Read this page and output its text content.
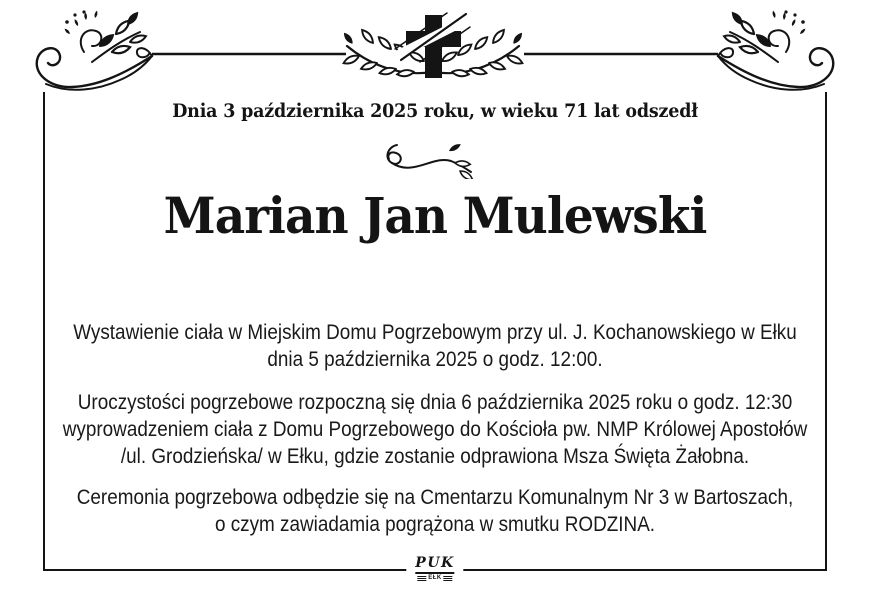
Dnia 3 października 2025 roku, w wieku 71 lat odszedł
Marian Jan Mulewski
Wystawienie ciała w Miejskim Domu Pogrzebowym przy ul. J. Kochanowskiego w Ełku
dnia 5 października 2025 o godz. 12:00.
Uroczystości pogrzebowe rozpoczną się dnia 6 października 2025 roku o godz. 12:30
wyprowadzeniem ciała z Domu Pogrzebowego do Kościoła pw. NMP Królowej Apostołów
/ul. Grodzieńska/ w Ełku, gdzie zostanie odprawiona Msza Święta Żałobna.
Ceremonia pogrzebowa odbędzie się na Cmentarzu Komunalnym Nr 3 w Bartoszach,
o czym zawiadamia pogrążona w smutku RODZINA.
PUK
EŁK
